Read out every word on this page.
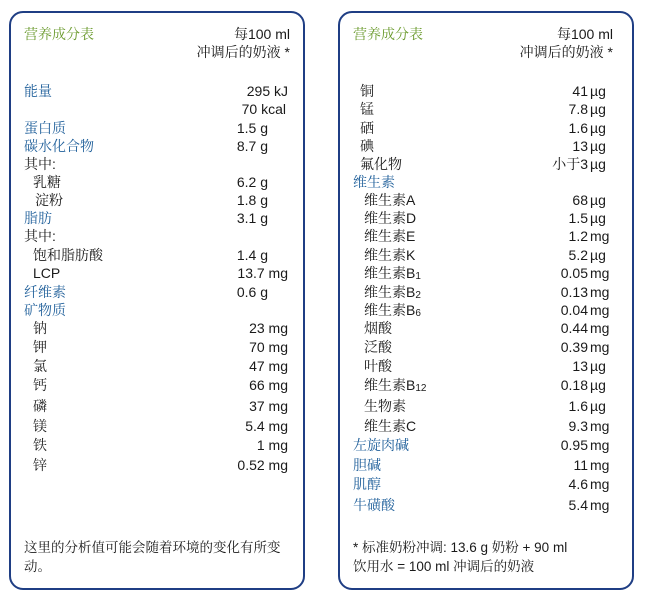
营养成分表	每100 ml
冲调后的奶液 *
能量	295 kJ
70 kcal
蛋白质	1.5 g
碳水化合物	8.7 g
其中:
乳糖	6.2 g
淀粉	1.8 g
脂肪	3.1 g
其中:
饱和脂肪酸	1.4 g
LCP	13.7 mg
纤维素	0.6 g
矿物质
钠	23 mg
钾	70 mg
氯	47 mg
钙	66 mg
磷	37 mg
镁	5.4 mg
铁	1 mg
锌	0.52 mg
这里的分析值可能会随着环境的变化有所变动。
营养成分表	每100 ml
冲调后的奶液 *
铜	41 µg
锰	7.8 µg
硒	1.6 µg
碘	13 µg
氟化物	小于3 µg
维生素
维生素A	68 µg
维生素D	1.5 µg
维生素E	1.2 mg
维生素K	5.2 µg
维生素$B_1$	0.05 mg
维生素$B_2$	0.13 mg
维生素$B_6$	0.04 mg
烟酸	0.44 mg
泛酸	0.39 mg
叶酸	13 µg
维生素$B_{12}$	0.18 µg
生物素	1.6 µg
维生素C	9.3 mg
左旋肉碱	0.95 mg
胆碱	11 mg
肌醇	4.6 mg
牛磺酸	5.4 mg
* 标准奶粉冲调: 13.6 g 奶粉 + 90 ml
饮用水 = 100 ml 冲调后的奶液
